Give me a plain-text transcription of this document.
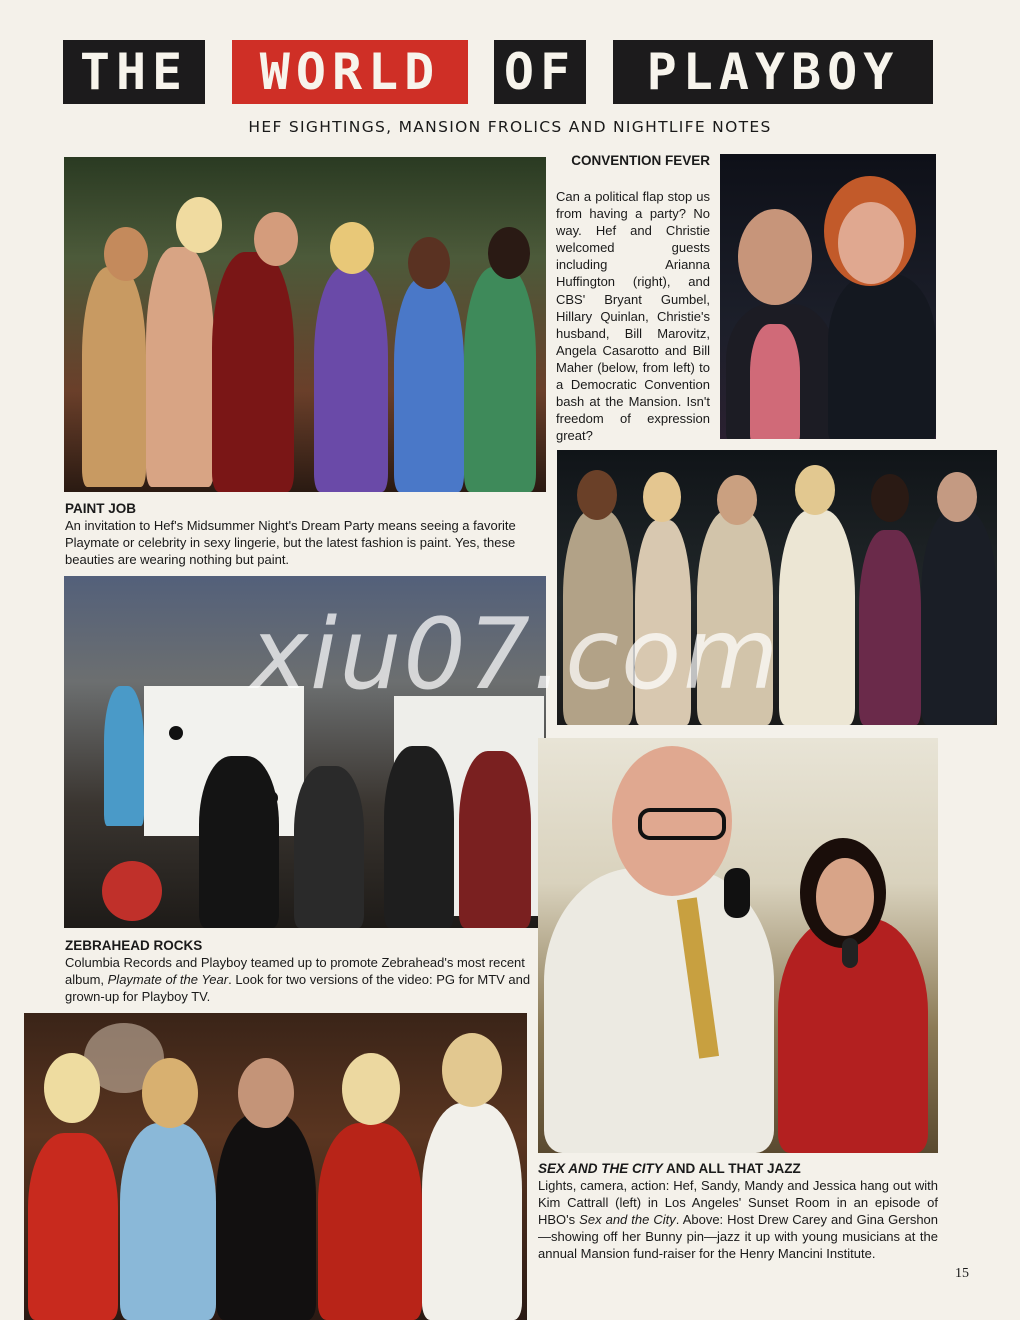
THE	WORLD	OF	PLAYBOY
HEF SIGHTINGS, MANSION FROLICS AND NIGHTLIFE NOTES
CONVENTION FEVER
Can a political flap stop us from having a party? No way. Hef and Christie welcomed guests including Arianna Huffington (right), and CBS' Bryant Gumbel, Hillary Quinlan, Christie's husband, Bill Marovitz, Angela Casarotto and Bill Maher (below, from left) to a Democratic Convention bash at the Mansion. Isn't freedom of expression great?
PAINT JOB
An invitation to Hef's Midsummer Night's Dream Party means seeing a favorite Playmate or celebrity in sexy lingerie, but the latest fashion is paint. Yes, these beauties are wearing nothing but paint.
xiu07.com
ZEBRAHEAD ROCKS
Columbia Records and Playboy teamed up to promote Zebrahead's most recent album, Playmate of the Year. Look for two versions of the video: PG for MTV and grown-up for Playboy TV.
SEX AND THE CITY AND ALL THAT JAZZ
Lights, camera, action: Hef, Sandy, Mandy and Jessica hang out with Kim Cattrall (left) in Los Angeles' Sunset Room in an episode of HBO's Sex and the City. Above: Host Drew Carey and Gina Gershon—showing off her Bunny pin—jazz it up with young musicians at the annual Mansion fund-raiser for the Henry Mancini Institute.
15
